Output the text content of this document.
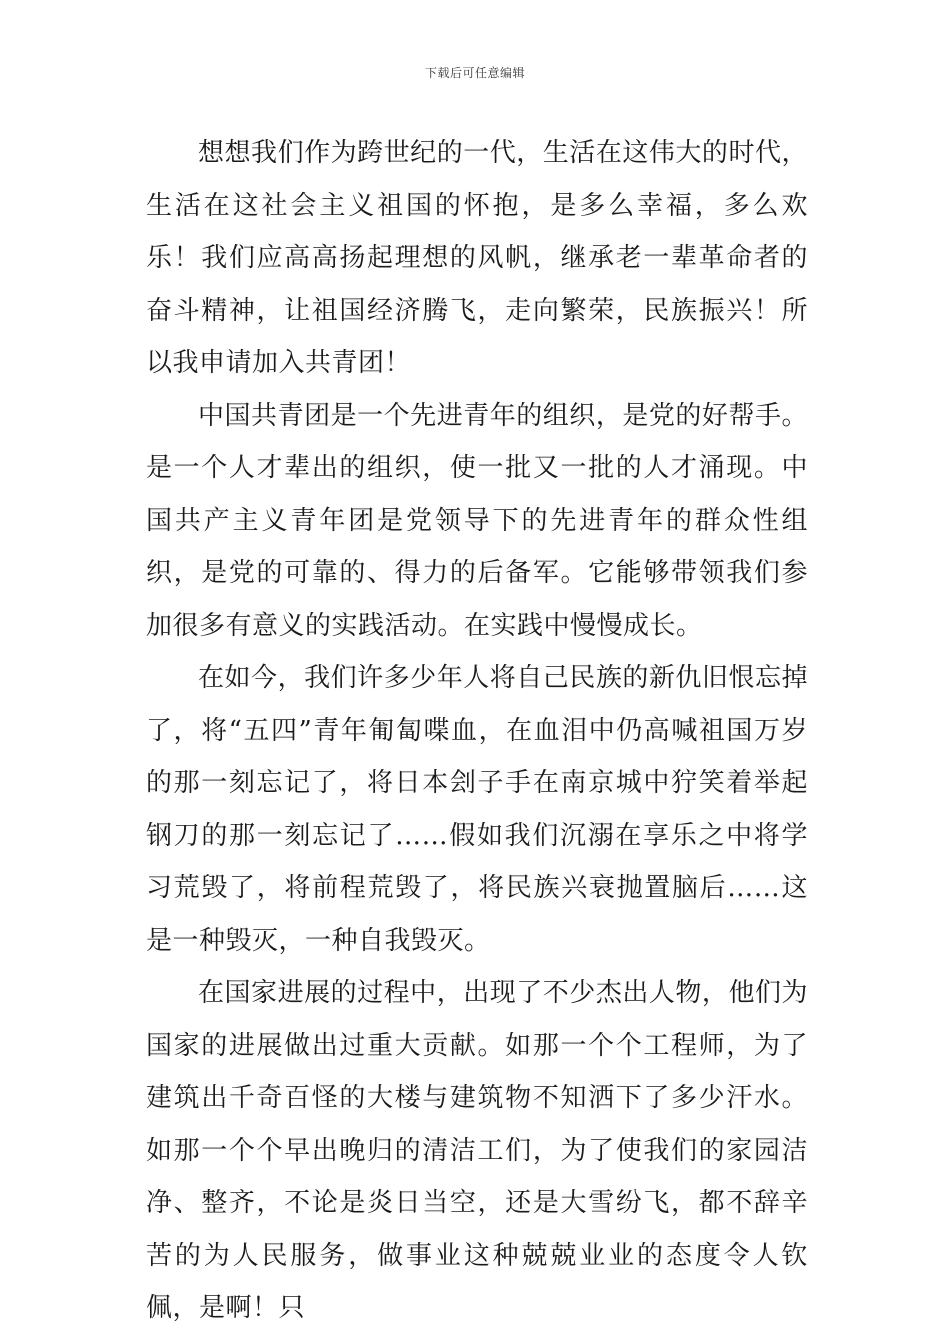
下载后可任意编辑

想想我们作为跨世纪的一代，生活在这伟大的时代，生活在这社会主义祖国的怀抱，是多么幸福，多么欢乐！我们应高高扬起理想的风帆，继承老一辈革命者的奋斗精神，让祖国经济腾飞，走向繁荣，民族振兴！所以我申请加入共青团！

中国共青团是一个先进青年的组织，是党的好帮手。是一个人才辈出的组织，使一批又一批的人才涌现。中国共产主义青年团是党领导下的先进青年的群众性组织，是党的可靠的、得力的后备军。它能够带领我们参加很多有意义的实践活动。在实践中慢慢成长。

在如今，我们许多少年人将自己民族的新仇旧恨忘掉了，将“五四”青年匍匐喋血，在血泪中仍高喊祖国万岁的那一刻忘记了，将日本刽子手在南京城中狞笑着举起钢刀的那一刻忘记了……假如我们沉溺在享乐之中将学习荒毁了，将前程荒毁了，将民族兴衰抛置脑后……这是一种毁灭，一种自我毁灭。

在国家进展的过程中，出现了不少杰出人物，他们为国家的进展做出过重大贡献。如那一个个工程师，为了建筑出千奇百怪的大楼与建筑物不知洒下了多少汗水。如那一个个早出晚归的清洁工们，为了使我们的家园洁净、整齐，不论是炎日当空，还是大雪纷飞，都不辞辛苦的为人民服务，做事业这种兢兢业业的态度令人钦佩，是啊！只
